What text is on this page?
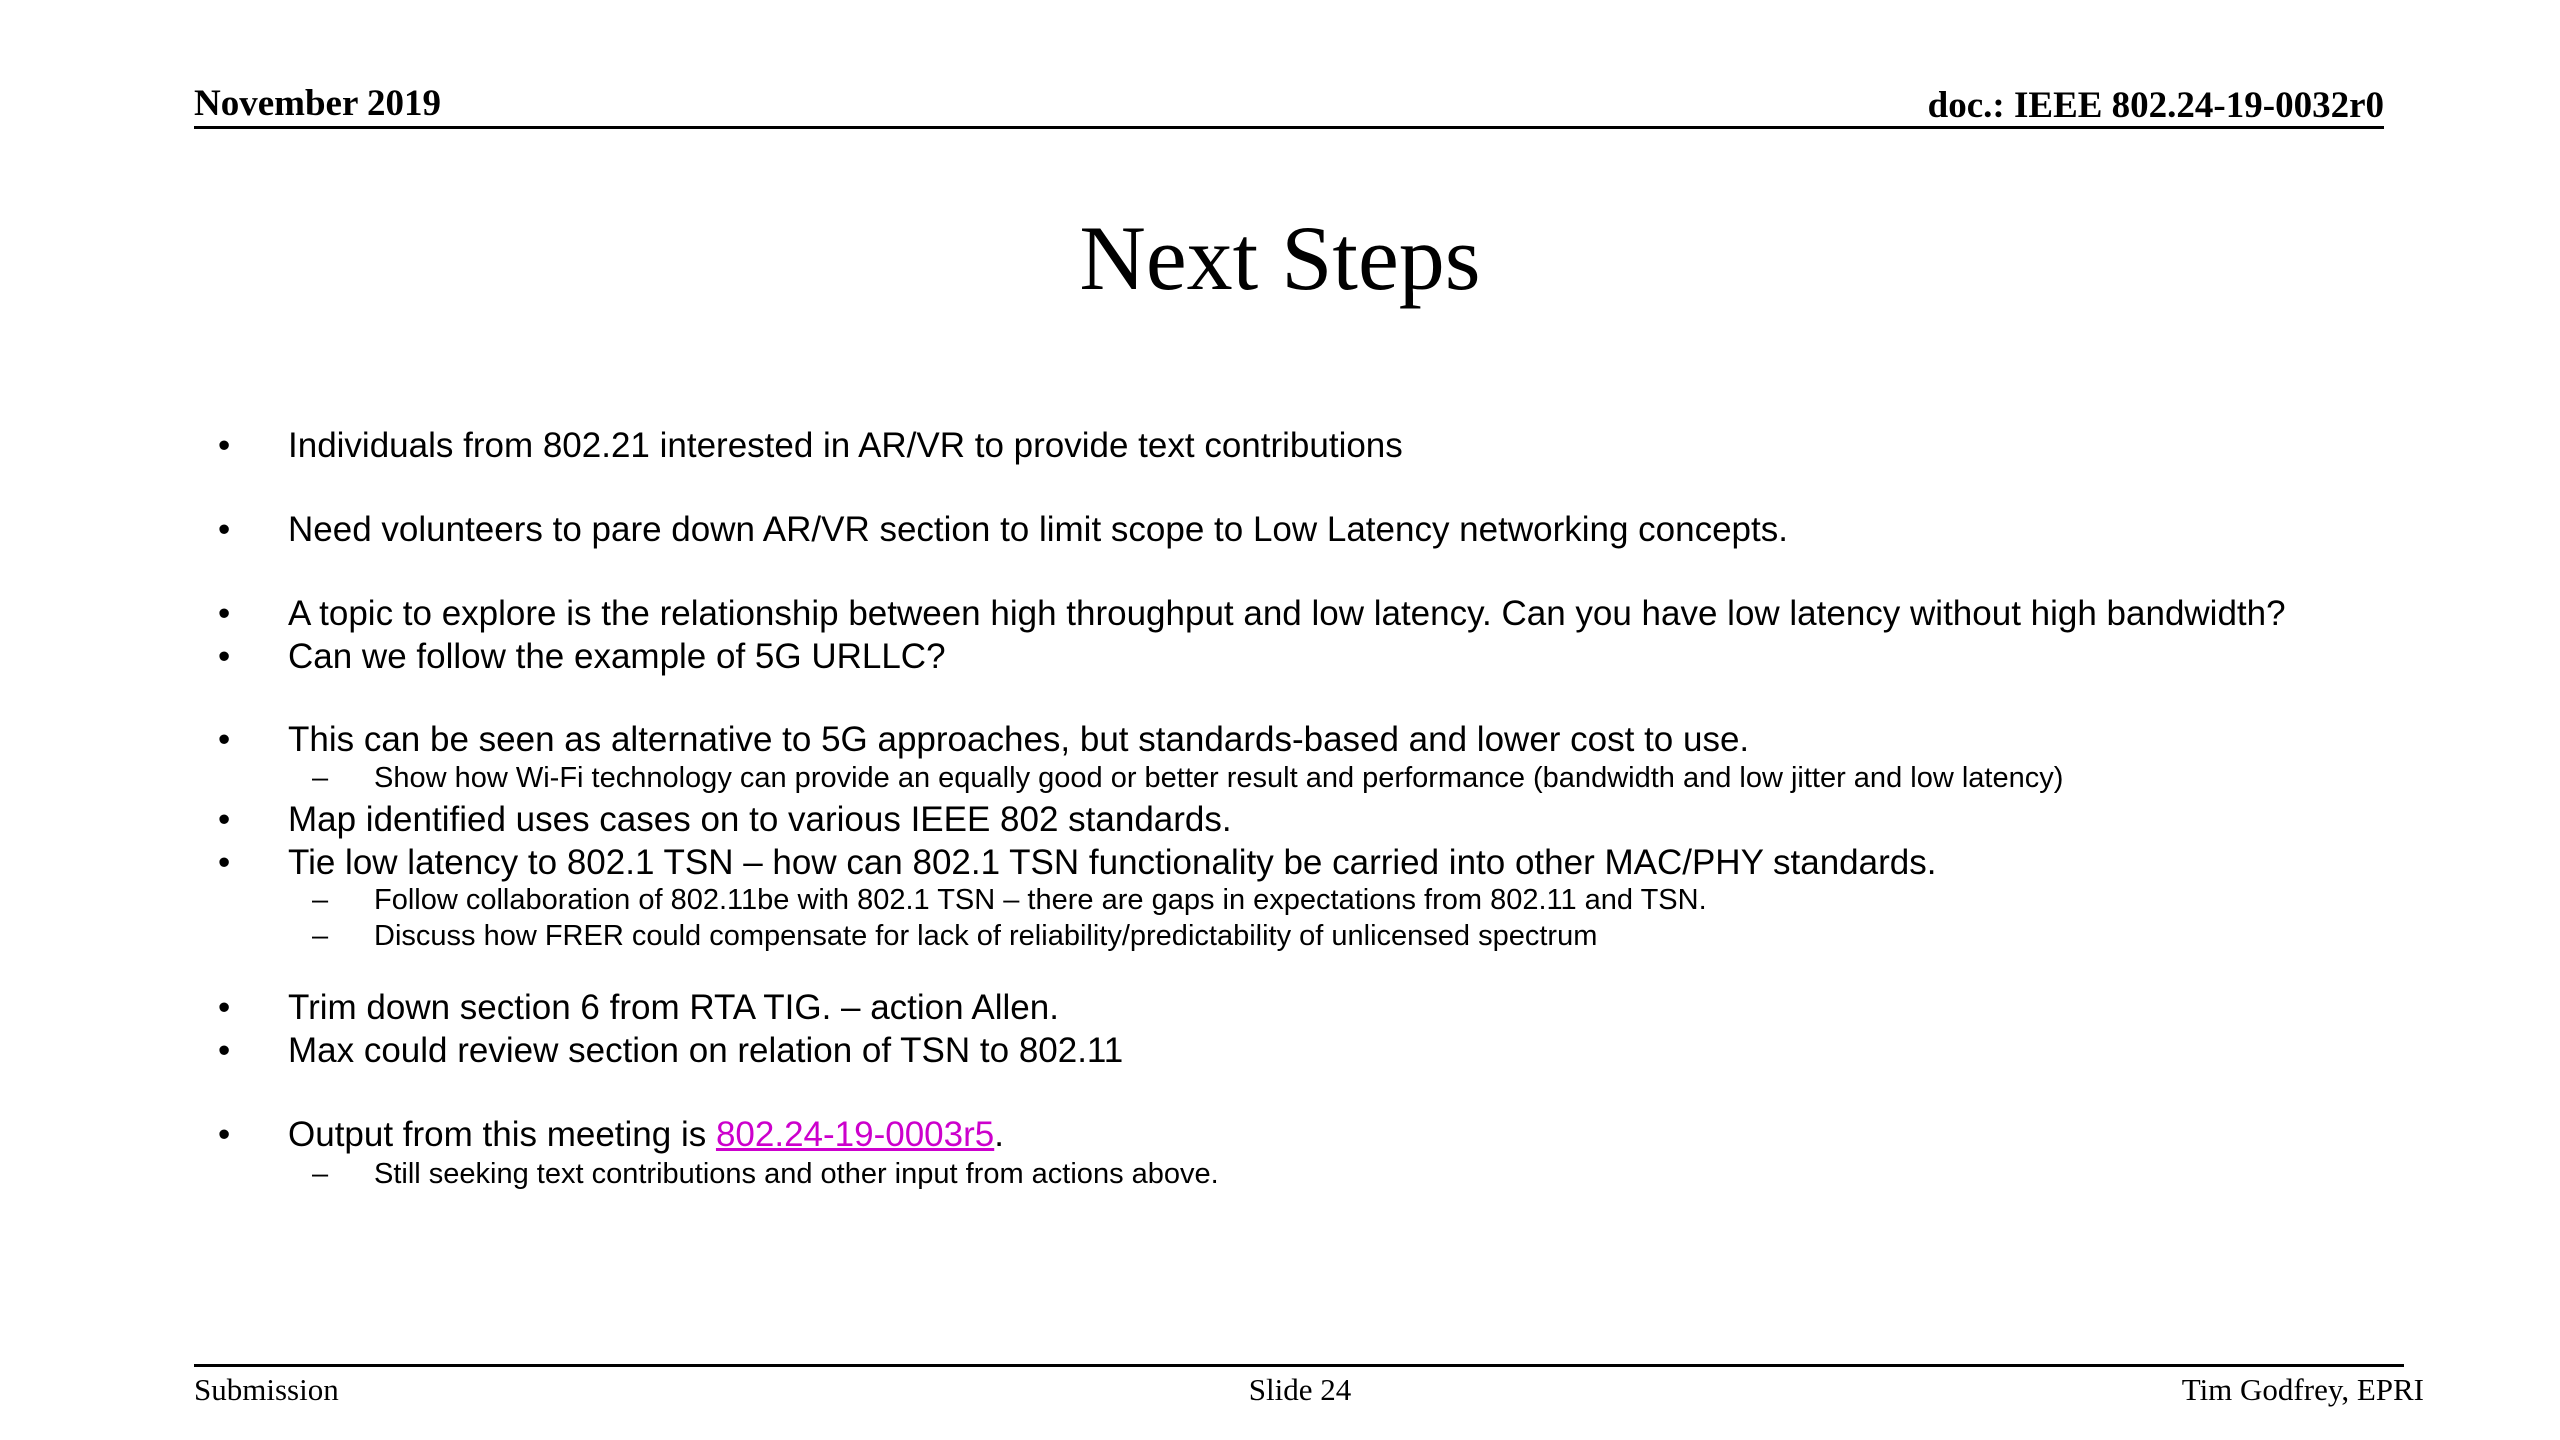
November 2019	doc.: IEEE 802.24-19-0032r0
Next Steps
• Individuals from 802.21 interested in AR/VR to provide text contributions
• Need volunteers to pare down AR/VR section to limit scope to Low Latency networking concepts.
• A topic to explore is the relationship between high throughput and low latency. Can you have low latency without high bandwidth?
• Can we follow the example of 5G URLLC?
• This can be seen as alternative to 5G approaches, but standards-based and lower cost to use.
– Show how Wi-Fi technology can provide an equally good or better result and performance (bandwidth and low jitter and low latency)
• Map identified uses cases on to various IEEE 802 standards.
• Tie low latency to 802.1 TSN – how can 802.1 TSN functionality be carried into other MAC/PHY standards.
– Follow collaboration of 802.11be with 802.1 TSN – there are gaps in expectations from 802.11 and TSN.
– Discuss how FRER could compensate for lack of reliability/predictability of unlicensed spectrum
• Trim down section 6 from RTA TIG. – action Allen.
• Max could review section on relation of TSN to 802.11
• Output from this meeting is 802.24-19-0003r5.
– Still seeking text contributions and other input from actions above.
Submission	Slide 24	Tim Godfrey, EPRI
